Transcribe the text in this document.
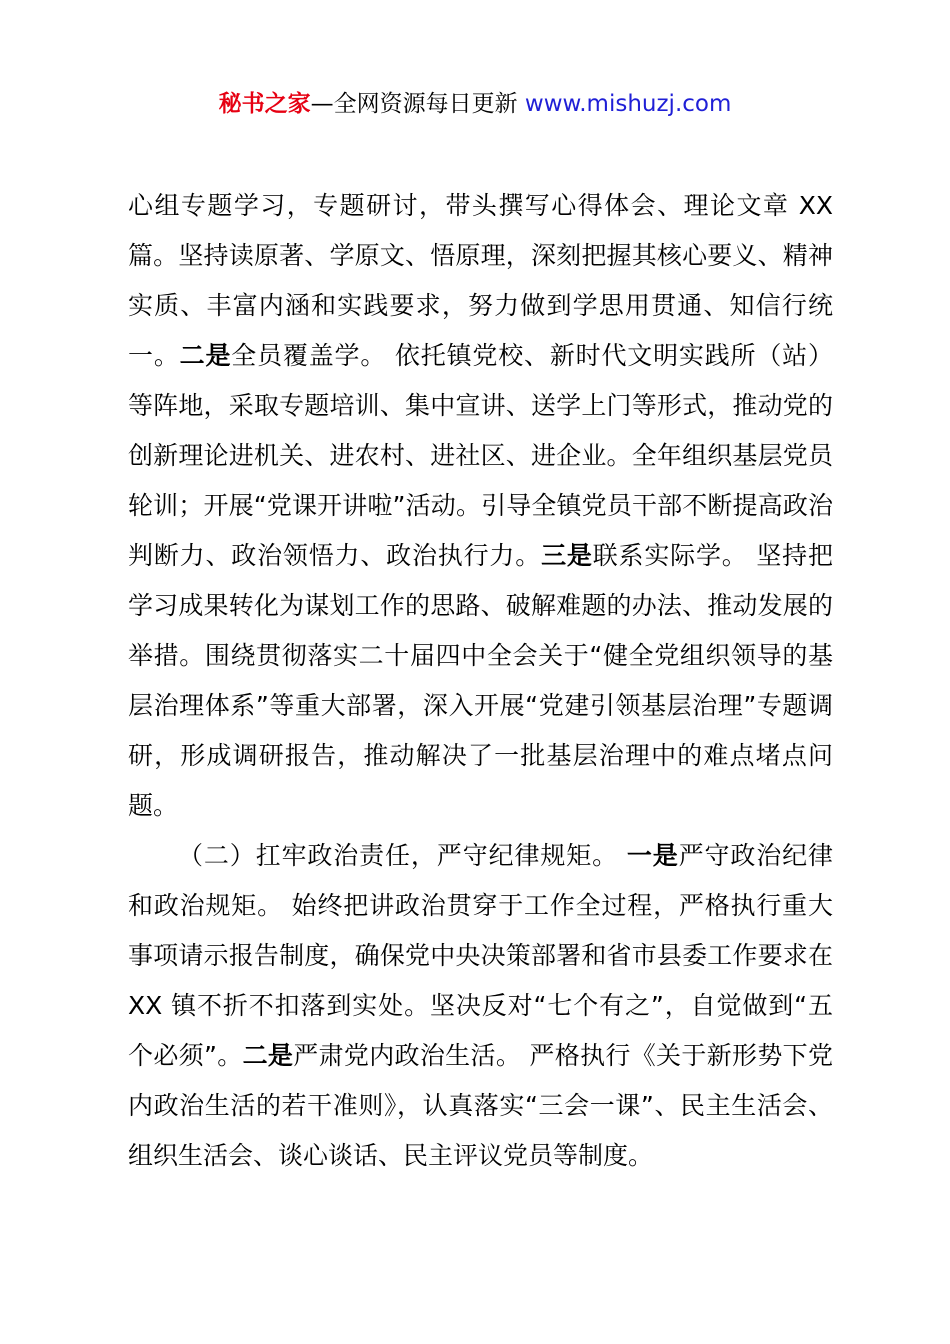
秘书之家—全网资源每日更新 www.mishuzj.com

心组专题学习，专题研讨，带头撰写心得体会、理论文章 XX 篇。坚持读原著、学原文、悟原理，深刻把握其核心要义、精神实质、丰富内涵和实践要求，努力做到学思用贯通、知信行统一。二是全员覆盖学。 依托镇党校、新时代文明实践所（站）等阵地，采取专题培训、集中宣讲、送学上门等形式，推动党的创新理论进机关、进农村、进社区、进企业。全年组织基层党员轮训；开展“党课开讲啦”活动。引导全镇党员干部不断提高政治判断力、政治领悟力、政治执行力。三是联系实际学。 坚持把学习成果转化为谋划工作的思路、破解难题的办法、推动发展的举措。围绕贯彻落实二十届四中全会关于“健全党组织领导的基层治理体系”等重大部署，深入开展“党建引领基层治理”专题调研，形成调研报告，推动解决了一批基层治理中的难点堵点问题。

（二）扛牢政治责任，严守纪律规矩。 一是严守政治纪律和政治规矩。 始终把讲政治贯穿于工作全过程，严格执行重大事项请示报告制度，确保党中央决策部署和省市县委工作要求在 XX 镇不折不扣落到实处。坚决反对“七个有之”，自觉做到“五个必须”。二是严肃党内政治生活。 严格执行《关于新形势下党内政治生活的若干准则》，认真落实“三会一课”、民主生活会、组织生活会、谈心谈话、民主评议党员等制度。
